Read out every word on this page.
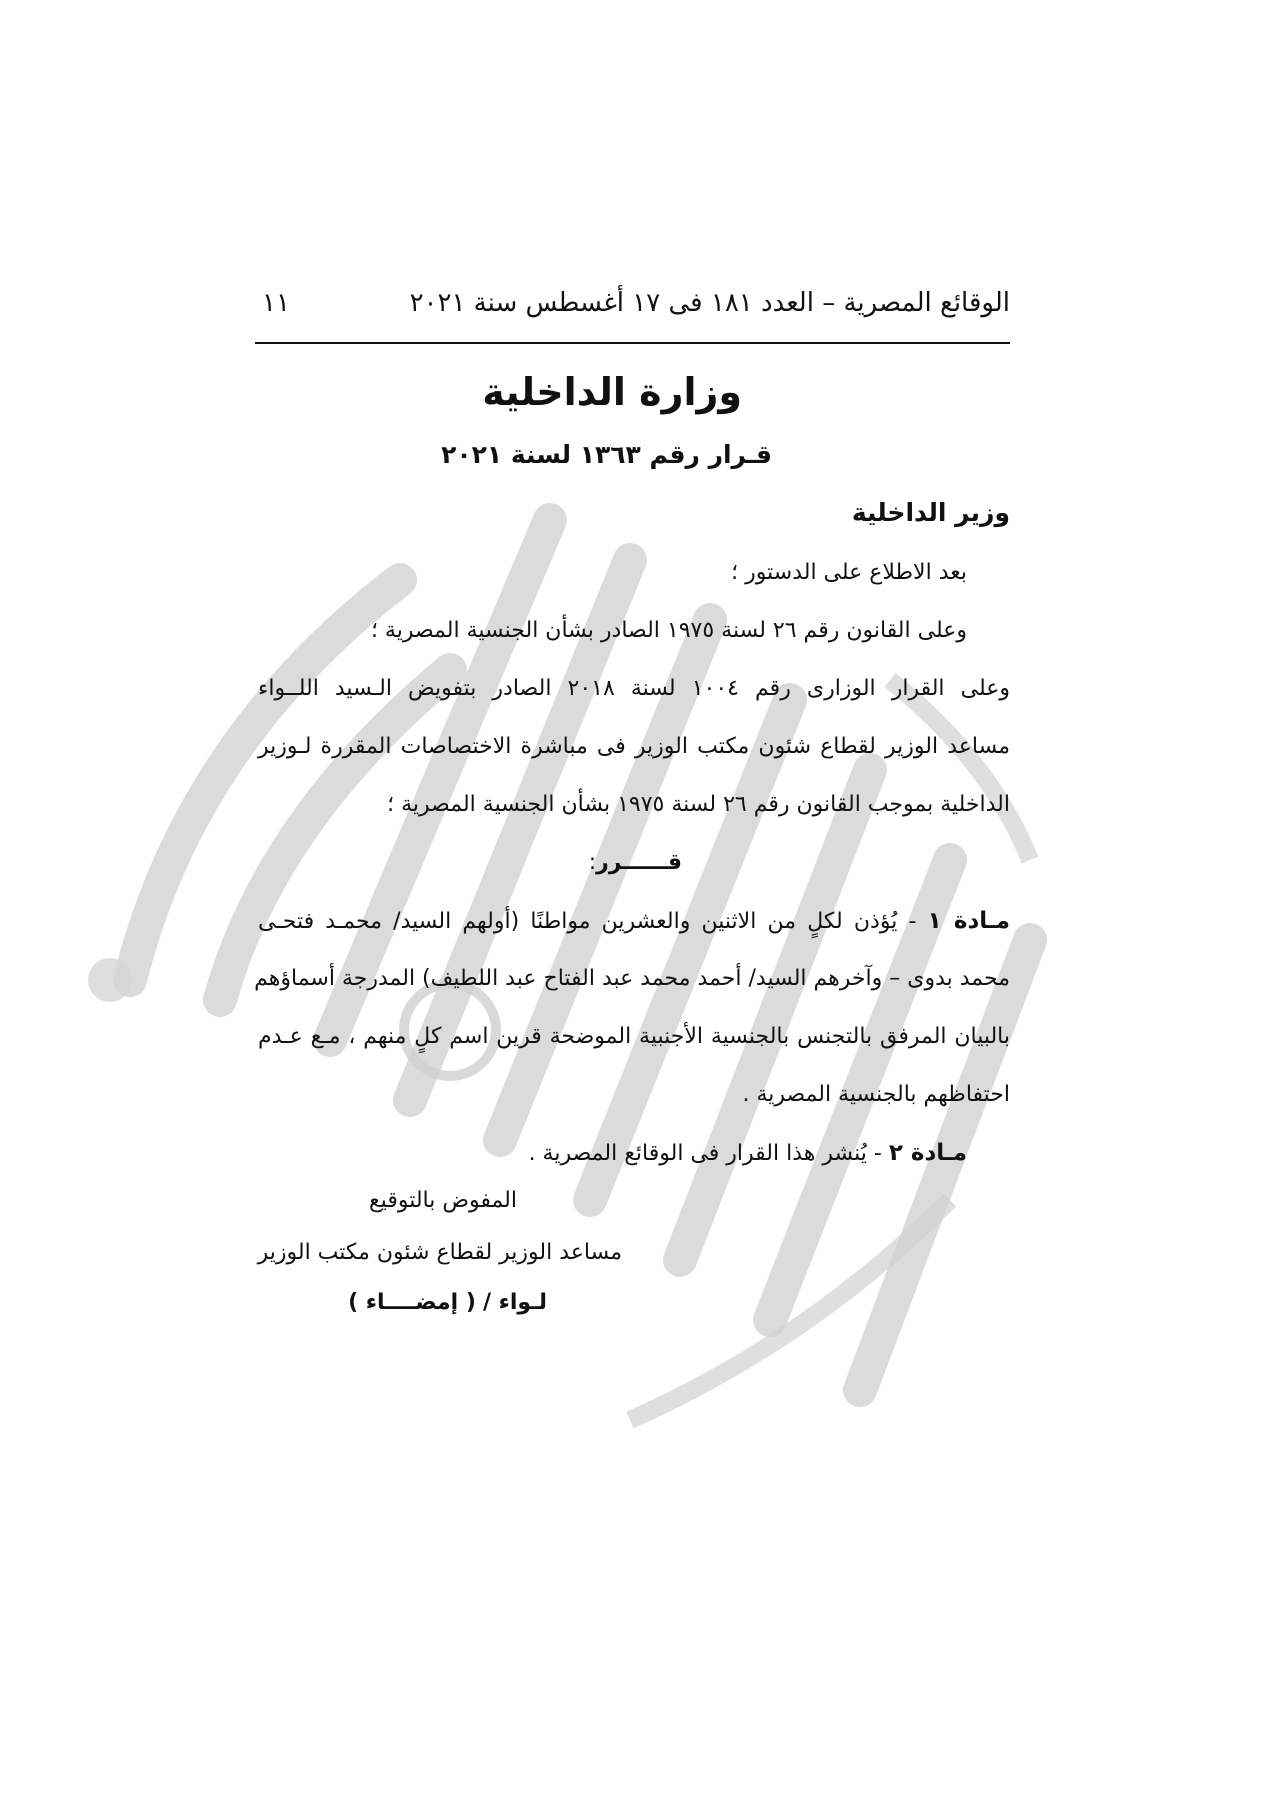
الوقائع المصرية – العدد ١٨١ فى ١٧ أغسطس سنة ٢٠٢١
١١
وزارة الداخلية
قـرار رقم ١٣٦٣ لسنة ٢٠٢١
وزير الداخلية
بعد الاطلاع على الدستور ؛
وعلى القانون رقم ٢٦ لسنة ١٩٧٥ الصادر بشأن الجنسية المصرية ؛
وعلى القرار الوزارى رقم ١٠٠٤ لسنة ٢٠١٨ الصادر بتفويض الـسيد اللــواء
مساعد الوزير لقطاع شئون مكتب الوزير فى مباشرة الاختصاصات المقررة لـوزير
الداخلية بموجب القانون رقم ٢٦ لسنة ١٩٧٥ بشأن الجنسية المصرية ؛
قــــــرر:
مـادة ١ - يُؤذن لكلٍ من الاثنين والعشرين مواطنًا (أولهم السيد/ محمـد فتحـى
محمد بدوى – وآخرهم السيد/ أحمد محمد عبد الفتاح عبد اللطيف) المدرجة أسماؤهم
بالبيان المرفق بالتجنس بالجنسية الأجنبية الموضحة قرين اسم كلٍ منهم ، مـع عـدم
احتفاظهم بالجنسية المصرية .
مـادة ٢ - يُنشر هذا القرار فى الوقائع المصرية .
المفوض بالتوقيع
مساعد الوزير لقطاع شئون مكتب الوزير
لـواء / ( إمضــــاء )
